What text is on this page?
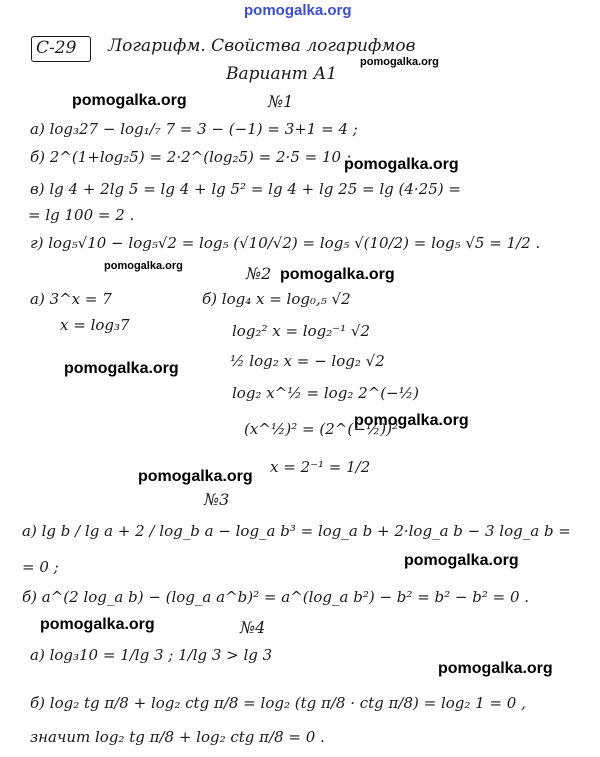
pomogalka.org
С-29 Логарифм. Свойства логарифмов
Вариант А1
pomogalka.org
pomogalka.org	№1
а) log₃27 − log₁/₇ 7 = 3 − (−1) = 3+1 = 4 ;
б) 2^(1+log₂5) = 2·2^(log₂5) = 2·5 = 10 ;
pomogalka.org
в) lg 4 + 2lg 5 = lg 4 + lg 5² = lg 4 + lg 25 = lg (4·25) =
= lg 100 = 2 .
г) log₅√10 − log₅√2 = log₅ (√10/√2) = log₅ √(10/2) = log₅ √5 = 1/2 .
pomogalka.org	№2 pomogalka.org
а) 3^x = 7
x = log₃7
б) log₄ x = log₀,₅ √2
log₂² x = log₂⁻¹ √2
½ log₂ x = − log₂ √2
pomogalka.org
log₂ x^½ = log₂ 2^(−½)
(x^½)² = (2^(−½))²
pomogalka.org
x = 2⁻¹ = 1/2
pomogalka.org
№3
а) lg b / lg a + 2 / log_b a − log_a b³ = log_a b + 2·log_a b − 3 log_a b =
pomogalka.org
= 0 ;
б) a^(2 log_a b) − (log_a a^b)² = a^(log_a b²) − b² = b² − b² = 0 .
pomogalka.org	№4
а) log₃10 = 1/lg 3 ; 1/lg 3 > lg 3
pomogalka.org
б) log₂ tg π/8 + log₂ ctg π/8 = log₂ (tg π/8 · ctg π/8) = log₂ 1 = 0 ,
значит log₂ tg π/8 + log₂ ctg π/8 = 0 .
